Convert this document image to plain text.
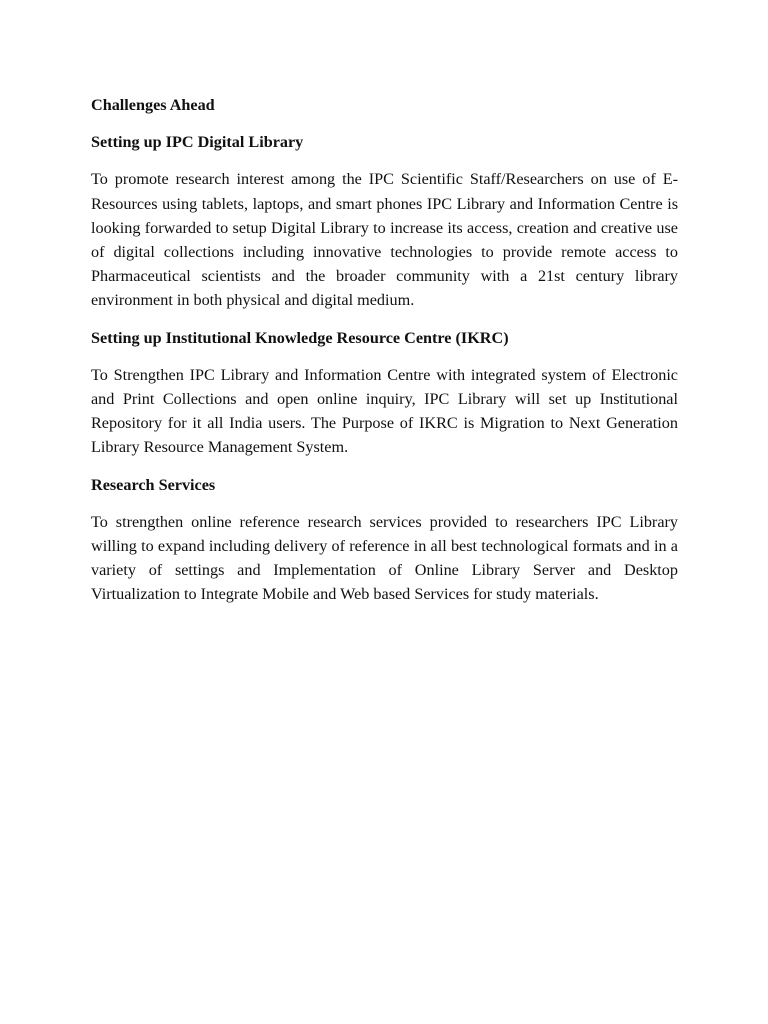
Challenges Ahead

Setting up IPC Digital Library

To promote research interest among the IPC Scientific Staff/Researchers on use of E-Resources using tablets, laptops, and smart phones IPC Library and Information Centre is looking forwarded to setup Digital Library to increase its access, creation and creative use of digital collections including innovative technologies to provide remote access to Pharmaceutical scientists and the broader community with a 21st century library environment in both physical and digital medium.

Setting up Institutional Knowledge Resource Centre (IKRC)

To Strengthen IPC Library and Information Centre with integrated system of Electronic and Print Collections and open online inquiry, IPC Library will set up Institutional Repository for it all India users. The Purpose of IKRC is Migration to Next Generation Library Resource Management System.

Research Services

To strengthen online reference research services provided to researchers IPC Library willing to expand including delivery of reference in all best technological formats and in a variety of settings and Implementation of Online Library Server and Desktop Virtualization to Integrate Mobile and Web based Services for study materials.
